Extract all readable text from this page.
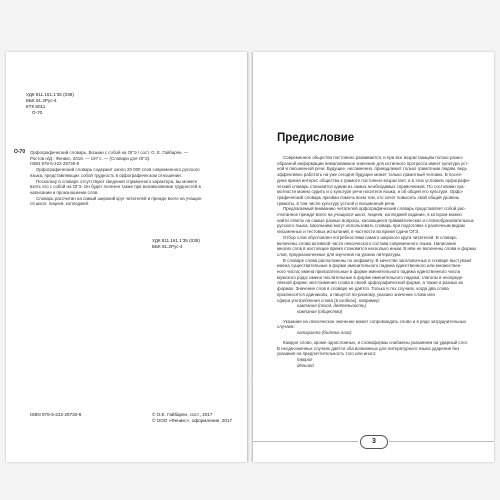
УДК 811.161.1'35 (038)
ББК 81.2Рус-4
КТК 8011
О-70
О-70 Орфографический словарь. Возьми с собой на ОГЭ / сост. О. Е. Гайбарян. —
Ростов н/Д : Феникс, 2018. — 197 с. — (Словари для ОГЭ).
ISBN 978-5-222-29730-8
Орфографический словарь содержит около 20 000 слов современного русского
языка, представляющих собой трудность в орфографическом отношении.
Поскольку в словаре отсутствуют сведения справочного характера, вы можете
взять его с собой на ОГЭ. Он будет полезен также при возникновении трудностей в
написании и произношении слов.
Словарь рассчитан на самый широкий круг читателей и прежде всего на учащих-
ся школ, лицеев, колледжей.
УДК 811.161.1'35 (038)
ББК 81.2Рус-4
ISBN 978-5-222-29730-8	© О.Е. Гайбарян, сост., 2017
© ООО «Феникс», оформление, 2017
Предисловие
Современное общество постоянно развивается, и при все возрастающем потоке разно-
образной информации немаловажное значение для истинного прогресса имеет культура уст-
ной и письменной речи. Будущее, несомненно, принадлежит только грамотным людям, ведь
эффективно работать на уже сегодня будущее может только грамотный человек. В после-
дние время интерес общества к грамоте постоянно возрастает, и в этих условиях орфографи-
ческий словарь становится одним из самых необходимых справочников. По состоянию гра-
мотности можно судить и о культуре речи носителя языка, и об общей его культуре. Орфо-
графический словарь призван помочь всем тем, кто хочет повысить свой общий уровень
грамоты, в том числе культуру устной и письменной речи.
Предлагаемый вниманию читателей орфографический словарь представляет собой рас-
считанное прежде всего на учащихся школ, лицеев, колледжей издание, в котором можно
найти ответы на самые разные вопросы, касающиеся грамматических и словообразовательных
русского языка. Школьники могут использовать словарь при подготовке к различным видам
письменных и тестовых испытаний, в частности во время сдачи ОГЭ.
Отбор слов обусловлен потребностями самого широкого круга читателей. В словарь
включены слова активной части лексического состава современного языка. Написание
многих слов в настоящее время становится несколько иным. В нём не включены слова и формы
слов, предназначенные для изучения на уроках литературы.
В словаре слова расположены по алфавиту. В качестве заголовочных в словаре выступают
имена существительные в форме именительного падежа единственного или множествен-
ного числа; имена прилагательные в форме именительного падежа единственного числа
мужского рода; имена числительные в форме именительного падежа; глаголы в неопреде-
лённой форме; местоимения слова в своей орфографической форме, а также в разных их
формах. Значение слов в словаре не даётся. Только в тех случаях, когда два слова
произносятся одинаково, а пишутся по-разному, указано значение слова или
сфера употребления слова (в скобках), например:
кампания (поход, деятельность)
компания (общество)
Указание на лексическое значение может сопровождать слово и в ряде затруднительных
случаев:
катаракта (болезнь глаз)
Каждое слово, кроме односложных, и словоформы снабжены указанием на ударный слог.
В неоднозначных случаях даётся оба возможных для литературного языка ударения без
указания на предпочтительность того или иного:
творог
дёгьной
3
